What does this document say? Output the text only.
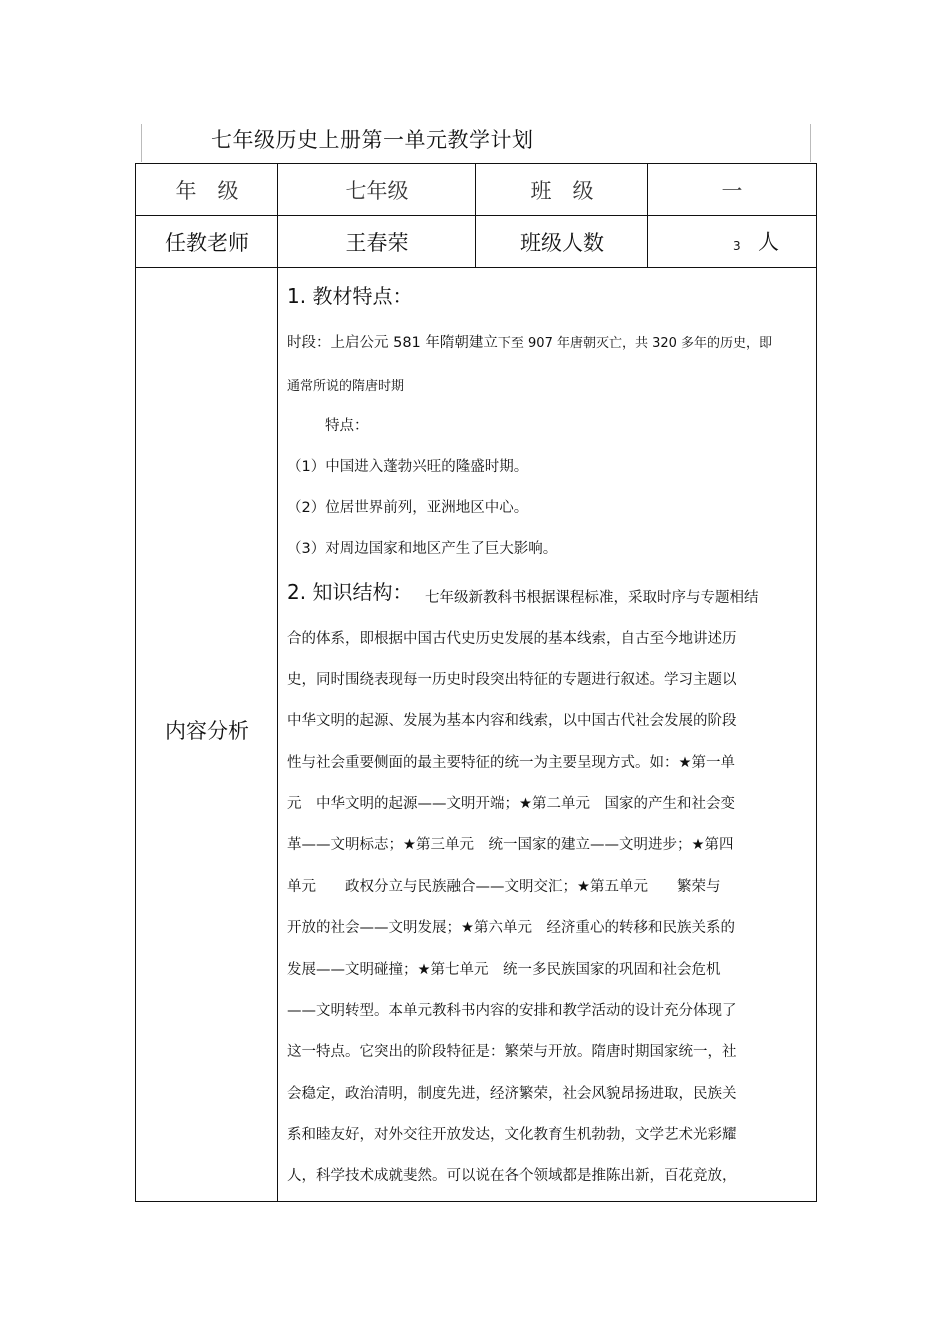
七年级历史上册第一单元教学计划
年　级	七年级	班　级	一
任教老师	王春荣	班级人数	3 人
内容分析
1. 教材特点：
时段：上启公元 581 年隋朝建立下至 907 年唐朝灭亡，共 320 多年的历史，即
通常所说的隋唐时期
特点：
（1）中国进入蓬勃兴旺的隆盛时期。
（2）位居世界前列，亚洲地区中心。
（3）对周边国家和地区产生了巨大影响。
2. 知识结构： 七年级新教科书根据课程标准，采取时序与专题相结
合的体系，即根据中国古代史历史发展的基本线索，自古至今地讲述历
史，同时围绕表现每一历史时段突出特征的专题进行叙述。学习主题以
中华文明的起源、发展为基本内容和线索，以中国古代社会发展的阶段
性与社会重要侧面的最主要特征的统一为主要呈现方式。如：★第一单
元　中华文明的起源——文明开端；★第二单元　国家的产生和社会变
革——文明标志；★第三单元　统一国家的建立——文明进步；★第四
单元　　政权分立与民族融合——文明交汇；★第五单元　　繁荣与
开放的社会——文明发展；★第六单元　经济重心的转移和民族关系的
发展——文明碰撞；★第七单元　统一多民族国家的巩固和社会危机
——文明转型。本单元教科书内容的安排和教学活动的设计充分体现了
这一特点。它突出的阶段特征是：繁荣与开放。隋唐时期国家统一，社
会稳定，政治清明，制度先进，经济繁荣，社会风貌昂扬进取，民族关
系和睦友好，对外交往开放发达，文化教育生机勃勃，文学艺术光彩耀
人，科学技术成就斐然。可以说在各个领域都是推陈出新，百花竞放，
